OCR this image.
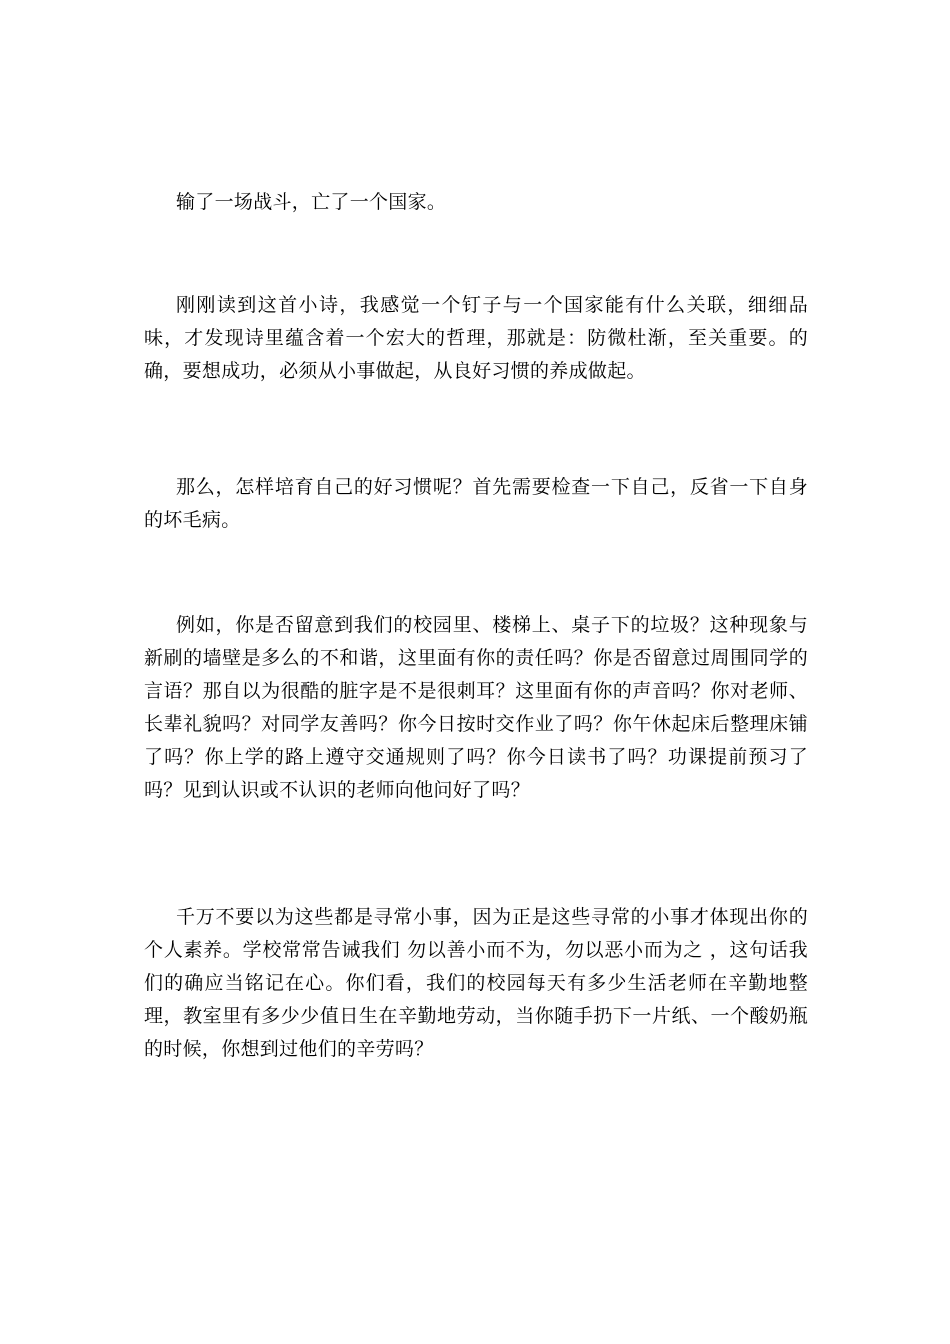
输了一场战斗，亡了一个国家。

刚刚读到这首小诗，我感觉一个钉子与一个国家能有什么关联，细细品味，才发现诗里蕴含着一个宏大的哲理，那就是：防微杜渐，至关重要。的确，要想成功，必须从小事做起，从良好习惯的养成做起。

那么，怎样培育自己的好习惯呢？首先需要检查一下自己，反省一下自身的坏毛病。

例如，你是否留意到我们的校园里、楼梯上、桌子下的垃圾？这种现象与新刷的墙壁是多么的不和谐，这里面有你的责任吗？你是否留意过周围同学的言语？那自以为很酷的脏字是不是很刺耳？这里面有你的声音吗？你对老师、长辈礼貌吗？对同学友善吗？你今日按时交作业了吗？你午休起床后整理床铺了吗？你上学的路上遵守交通规则了吗？你今日读书了吗？功课提前预习了吗？见到认识或不认识的老师向他问好了吗？

千万不要以为这些都是寻常小事，因为正是这些寻常的小事才体现出你的个人素养。学校常常告诫我们 勿以善小而不为，勿以恶小而为之 ，这句话我们的确应当铭记在心。你们看，我们的校园每天有多少生活老师在辛勤地整理，教室里有多少少值日生在辛勤地劳动，当你随手扔下一片纸、一个酸奶瓶的时候，你想到过他们的辛劳吗？
